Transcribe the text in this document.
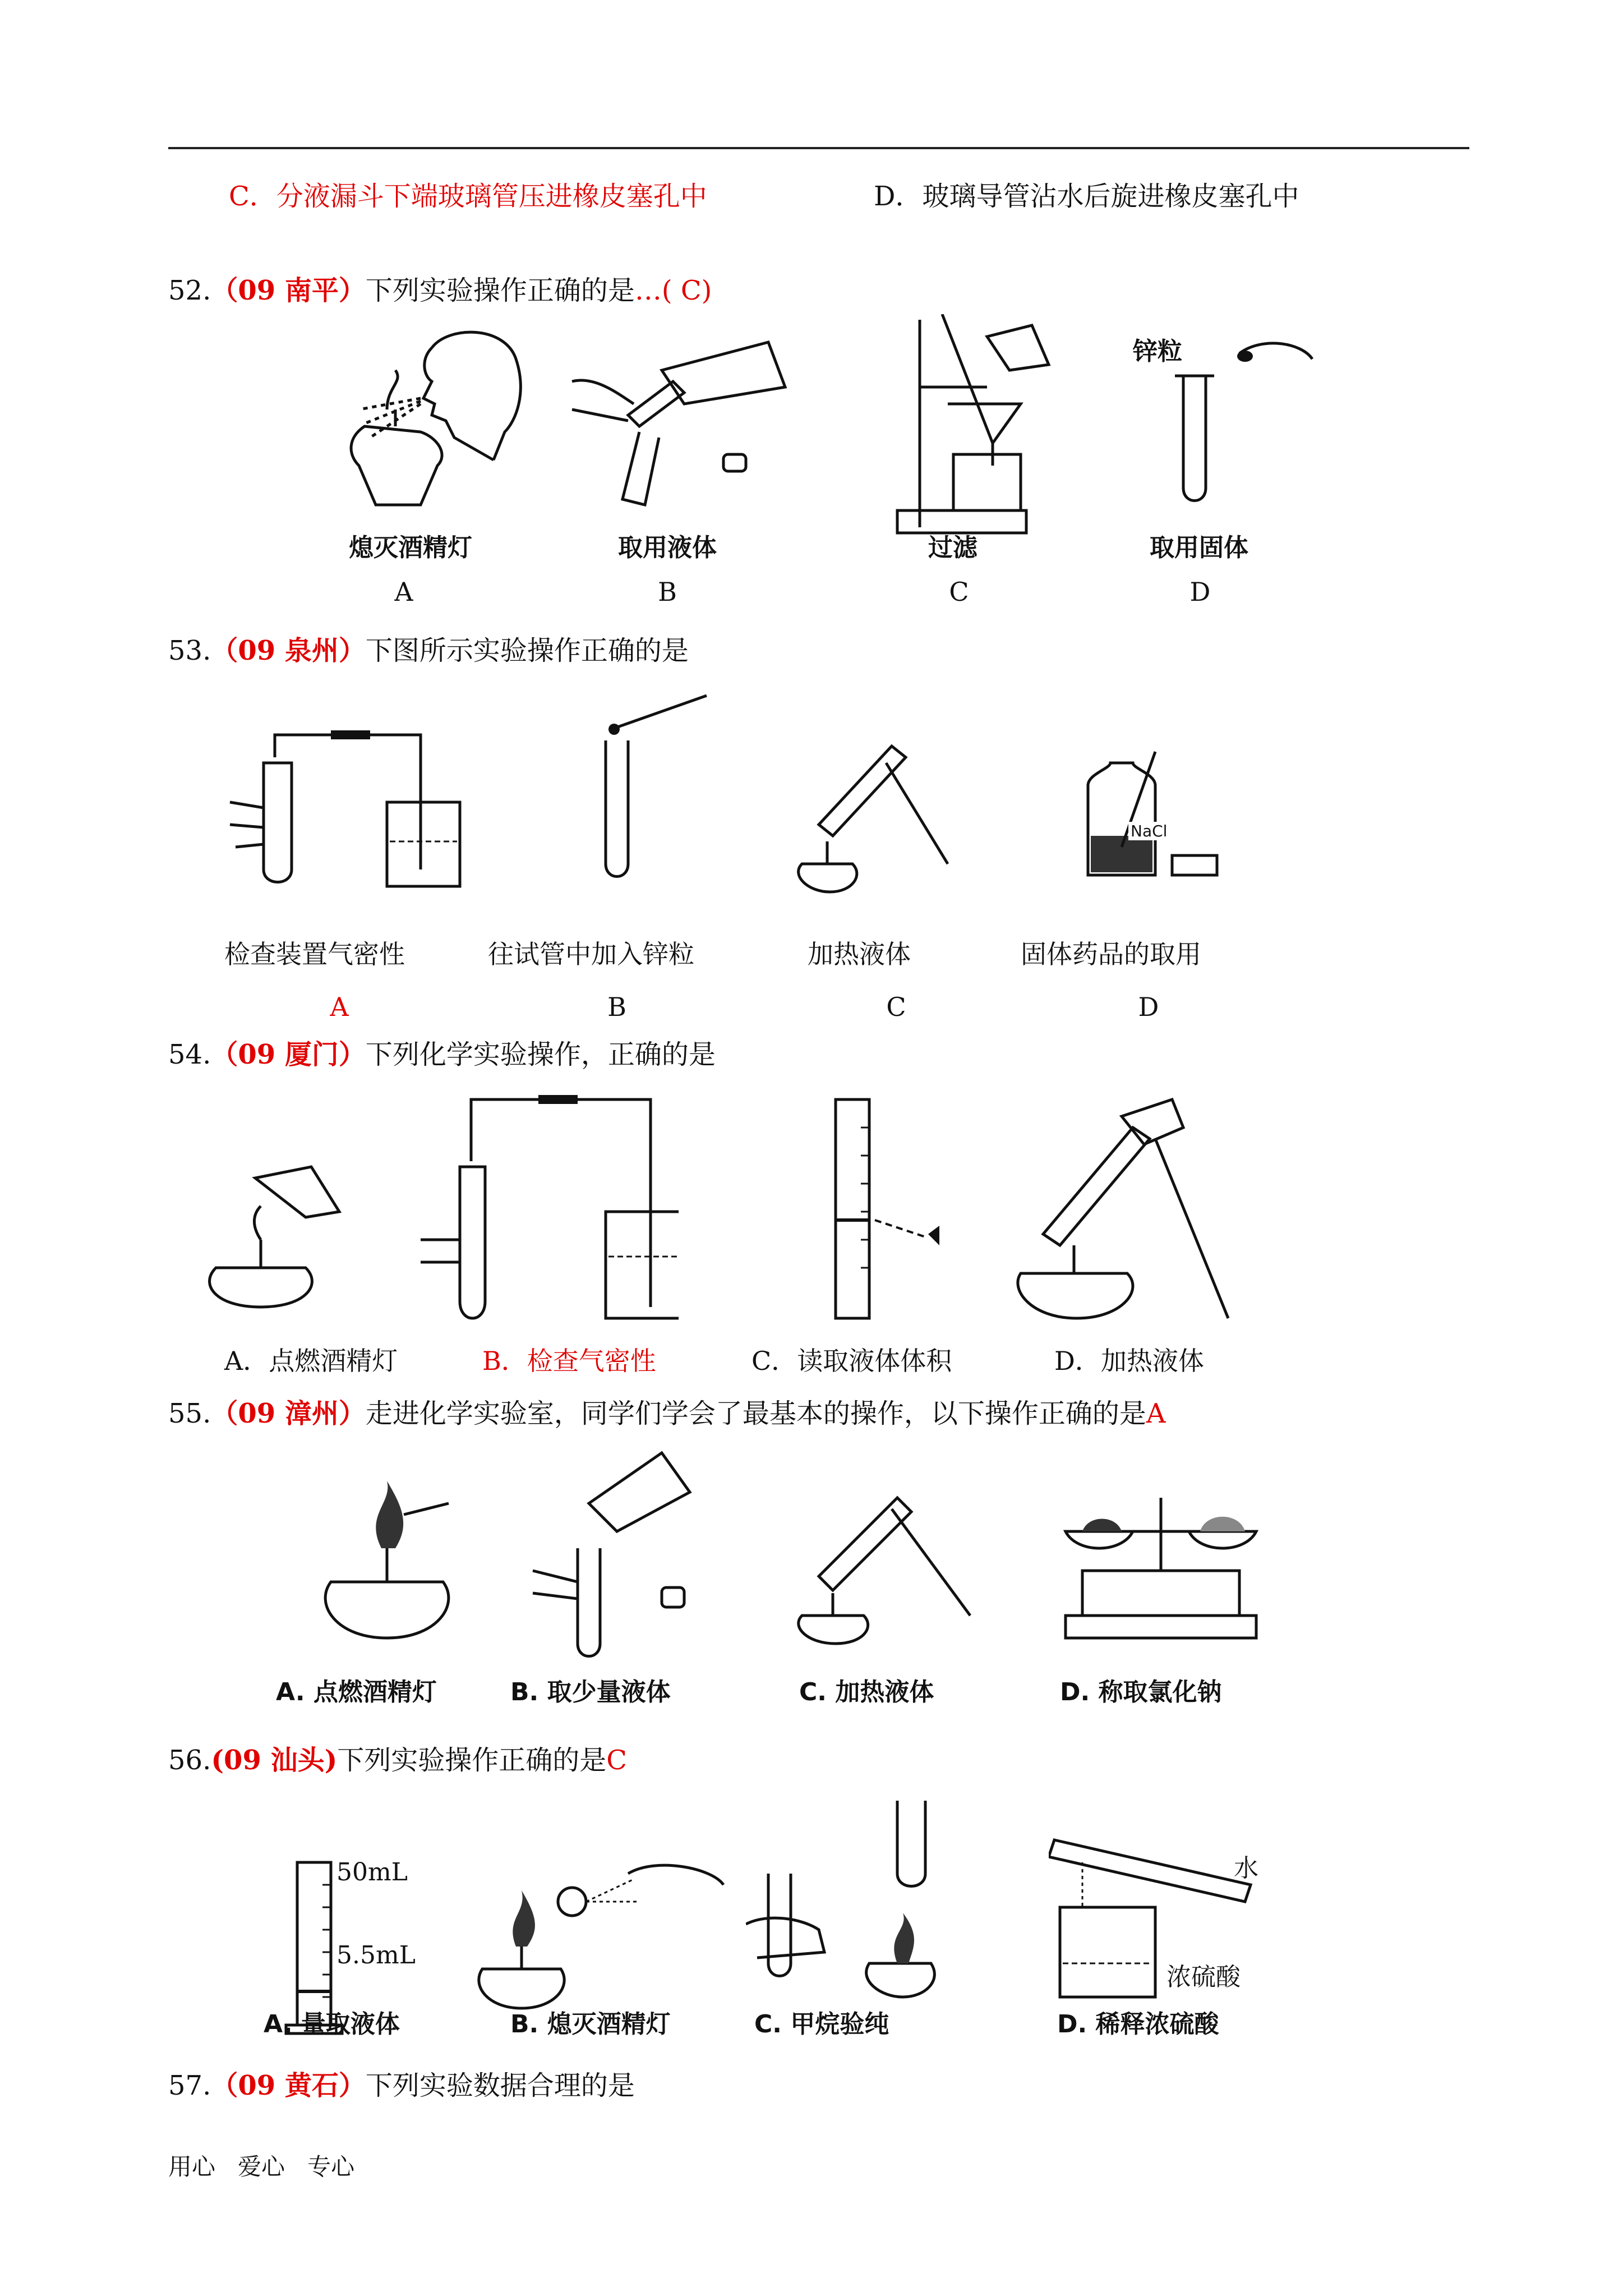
C．分液漏斗下端玻璃管压进橡皮塞孔中	D．玻璃导管沾水后旋进橡皮塞孔中
52.（09 南平）下列实验操作正确的是…( C)
熄灭酒精灯
A
取用液体
B
过滤
C
锌粒
取用固体
D
53.（09 泉州）下图所示实验操作正确的是
检查装置气密性
A
往试管中加入锌粒
B
加热液体
C
NaCl
固体药品的取用
D
54.（09 厦门）下列化学实验操作，正确的是
A．点燃酒精灯	B．检查气密性	C．读取液体体积	D．加热液体
55.（09 漳州）走进化学实验室，同学们学会了最基本的操作，以下操作正确的是A
A. 点燃酒精灯	B. 取少量液体	C. 加热液体	D. 称取氯化钠
56.(09 汕头)下列实验操作正确的是C
50mL
5.5mL
A. 量取液体	B. 熄灭酒精灯	C. 甲烷验纯
水
浓硫酸
D. 稀释浓硫酸
57.（09 黄石）下列实验数据合理的是
用心   爱心   专心
